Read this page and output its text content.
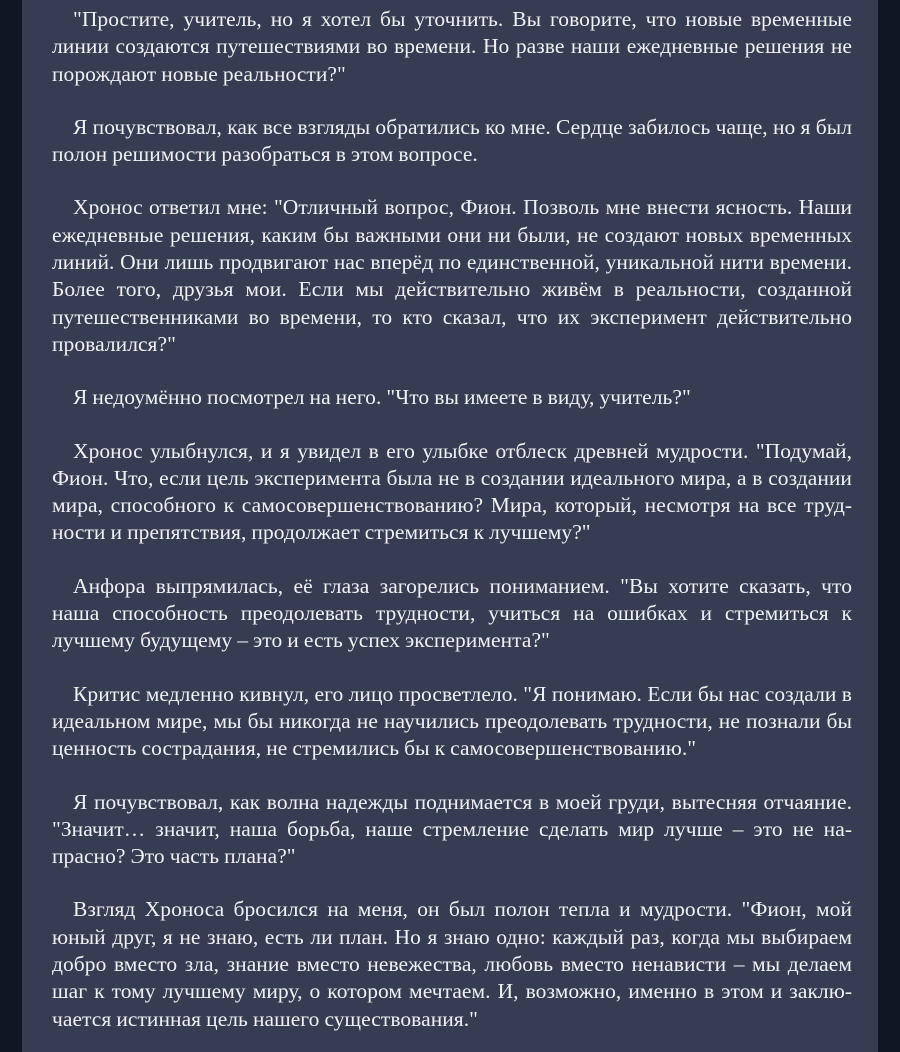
"Простите, учитель, но я хотел бы уточнить. Вы говорите, что новые временные линии создаются путешествиями во времени. Но разве наши ежедневные решения не порождают новые реальности?"

Я почувствовал, как все взгляды обратились ко мне. Сердце забилось чаще, но я был полон решимости разобраться в этом вопросе.

Хронос ответил мне: "Отличный вопрос, Фион. Позволь мне внести ясность. Наши ежедневные решения, каким бы важными они ни были, не создают новых временных линий. Они лишь продвигают нас вперёд по единственной, уникальной нити времени. Более того, друзья мои. Если мы действительно живём в реальности, созданной путешественниками во времени, то кто сказал, что их эксперимент действительно провалился?"

Я недоумённо посмотрел на него. "Что вы имеете в виду, учитель?"

Хронос улыбнулся, и я увидел в его улыбке отблеск древней мудрости. "Подумай, Фион. Что, если цель эксперимента была не в создании идеального мира, а в создании мира, способного к самосовершенствованию? Мира, который, несмотря на все трудности и препятствия, продолжает стремиться к лучшему?"

Анфора выпрямилась, её глаза загорелись пониманием. "Вы хотите сказать, что наша способность преодолевать трудности, учиться на ошибках и стремиться к лучшему будущему – это и есть успех эксперимента?"

Критис медленно кивнул, его лицо просветлело. "Я понимаю. Если бы нас создали в идеальном мире, мы бы никогда не научились преодолевать трудности, не познали бы ценность сострадания, не стремились бы к самосовершенствованию."

Я почувствовал, как волна надежды поднимается в моей груди, вытесняя отчаяние. "Значит… значит, наша борьба, наше стремление сделать мир лучше – это не напрасно? Это часть плана?"

Взгляд Хроноса бросился на меня, он был полон тепла и мудрости. "Фион, мой юный друг, я не знаю, есть ли план. Но я знаю одно: каждый раз, когда мы выбираем добро вместо зла, знание вместо невежества, любовь вместо ненависти – мы делаем шаг к тому лучшему миру, о котором мечтаем. И, возможно, именно в этом и заключается истинная цель нашего существования."
